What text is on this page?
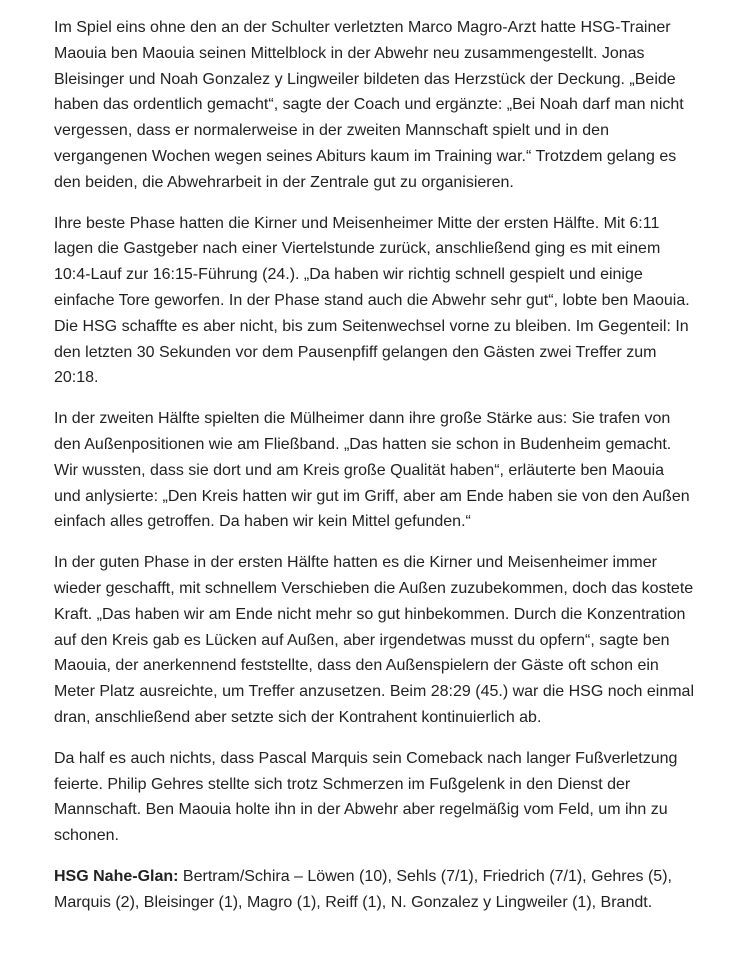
Im Spiel eins ohne den an der Schulter verletzten Marco Magro-Arzt hatte HSG-Trainer Maouia ben Maouia seinen Mittelblock in der Abwehr neu zusammengestellt. Jonas Bleisinger und Noah Gonzalez y Lingweiler bildeten das Herzstück der Deckung. „Beide haben das ordentlich gemacht“, sagte der Coach und ergänzte: „Bei Noah darf man nicht vergessen, dass er normalerweise in der zweiten Mannschaft spielt und in den vergangenen Wochen wegen seines Abiturs kaum im Training war.“ Trotzdem gelang es den beiden, die Abwehrarbeit in der Zentrale gut zu organisieren.

Ihre beste Phase hatten die Kirner und Meisenheimer Mitte der ersten Hälfte. Mit 6:11 lagen die Gastgeber nach einer Viertelstunde zurück, anschließend ging es mit einem 10:4-Lauf zur 16:15-Führung (24.). „Da haben wir richtig schnell gespielt und einige einfache Tore geworfen. In der Phase stand auch die Abwehr sehr gut“, lobte ben Maouia. Die HSG schaffte es aber nicht, bis zum Seitenwechsel vorne zu bleiben. Im Gegenteil: In den letzten 30 Sekunden vor dem Pausenpfiff gelangen den Gästen zwei Treffer zum 20:18.

In der zweiten Hälfte spielten die Mülheimer dann ihre große Stärke aus: Sie trafen von den Außenpositionen wie am Fließband. „Das hatten sie schon in Budenheim gemacht. Wir wussten, dass sie dort und am Kreis große Qualität haben“, erläuterte ben Maouia und anlysierte: „Den Kreis hatten wir gut im Griff, aber am Ende haben sie von den Außen einfach alles getroffen. Da haben wir kein Mittel gefunden.“

In der guten Phase in der ersten Hälfte hatten es die Kirner und Meisenheimer immer wieder geschafft, mit schnellem Verschieben die Außen zuzubekommen, doch das kostete Kraft. „Das haben wir am Ende nicht mehr so gut hinbekommen. Durch die Konzentration auf den Kreis gab es Lücken auf Außen, aber irgendetwas musst du opfern“, sagte ben Maouia, der anerkennend feststellte, dass den Außenspielern der Gäste oft schon ein Meter Platz ausreichte, um Treffer anzusetzen. Beim 28:29 (45.) war die HSG noch einmal dran, anschließend aber setzte sich der Kontrahent kontinuierlich ab.

Da half es auch nichts, dass Pascal Marquis sein Comeback nach langer Fußverletzung feierte. Philip Gehres stellte sich trotz Schmerzen im Fußgelenk in den Dienst der Mannschaft. Ben Maouia holte ihn in der Abwehr aber regelmäßig vom Feld, um ihn zu schonen.

HSG Nahe-Glan: Bertram/Schira – Löwen (10), Sehls (7/1), Friedrich (7/1), Gehres (5), Marquis (2), Bleisinger (1), Magro (1), Reiff (1), N. Gonzalez y Lingweiler (1), Brandt.
